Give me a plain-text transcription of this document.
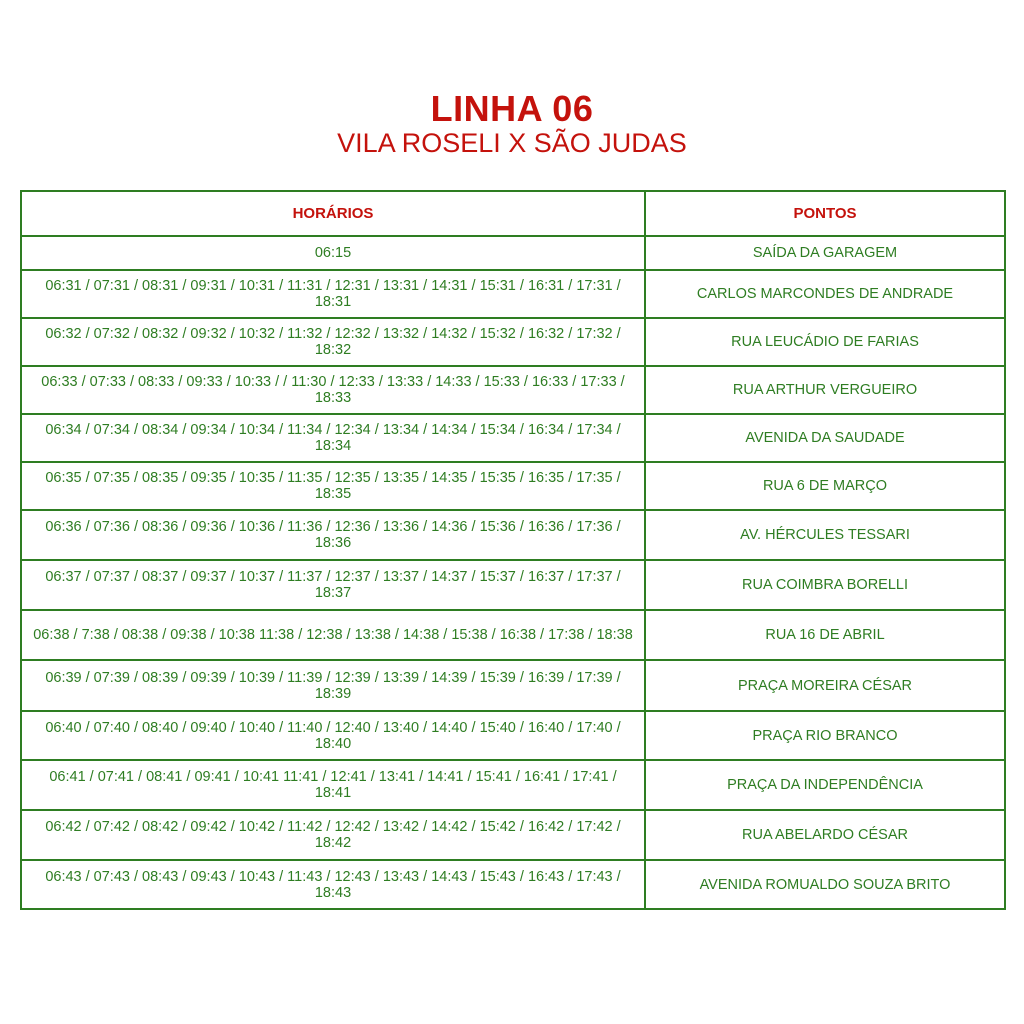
LINHA 06
VILA ROSELI X SÃO JUDAS
HORÁRIOS	PONTOS
06:15	SAÍDA DA GARAGEM
06:31 / 07:31 / 08:31 / 09:31 / 10:31 / 11:31 / 12:31 / 13:31 / 14:31 / 15:31 / 16:31 / 17:31 / 18:31	CARLOS MARCONDES DE ANDRADE
06:32 / 07:32 / 08:32 / 09:32 / 10:32 / 11:32 / 12:32 / 13:32 / 14:32 / 15:32 / 16:32 / 17:32 / 18:32	RUA LEUCÁDIO DE FARIAS
06:33 / 07:33 / 08:33 / 09:33 / 10:33 / / 11:30 / 12:33 / 13:33 / 14:33 / 15:33 / 16:33 / 17:33 / 18:33	RUA ARTHUR VERGUEIRO
06:34 / 07:34 / 08:34 / 09:34 / 10:34 / 11:34 / 12:34 / 13:34 / 14:34 / 15:34 / 16:34 / 17:34 / 18:34	AVENIDA DA SAUDADE
06:35 / 07:35 / 08:35 / 09:35 / 10:35 / 11:35 / 12:35 / 13:35 / 14:35 / 15:35 / 16:35 / 17:35 / 18:35	RUA 6 DE MARÇO
06:36 / 07:36 / 08:36 / 09:36 / 10:36 / 11:36 / 12:36 / 13:36 / 14:36 / 15:36 / 16:36 / 17:36 / 18:36	AV. HÉRCULES TESSARI
06:37 / 07:37 / 08:37 / 09:37 / 10:37 / 11:37 / 12:37 / 13:37 / 14:37 / 15:37 / 16:37 / 17:37 / 18:37	RUA COIMBRA BORELLI
06:38 / 7:38 / 08:38 / 09:38 / 10:38 11:38 / 12:38 / 13:38 / 14:38 / 15:38 / 16:38 / 17:38 / 18:38	RUA 16 DE ABRIL
06:39 / 07:39 / 08:39 / 09:39 / 10:39 / 11:39 / 12:39 / 13:39 / 14:39 / 15:39 / 16:39 / 17:39 / 18:39	PRAÇA MOREIRA CÉSAR
06:40 / 07:40 / 08:40 / 09:40 / 10:40 / 11:40 / 12:40 / 13:40 / 14:40 / 15:40 / 16:40 / 17:40 / 18:40	PRAÇA RIO BRANCO
06:41 / 07:41 / 08:41 / 09:41 / 10:41 11:41 / 12:41 / 13:41 / 14:41 / 15:41 / 16:41 / 17:41 / 18:41	PRAÇA DA INDEPENDÊNCIA
06:42 / 07:42 / 08:42 / 09:42 / 10:42 / 11:42 / 12:42 / 13:42 / 14:42 / 15:42 / 16:42 / 17:42 / 18:42	RUA ABELARDO CÉSAR
06:43 / 07:43 / 08:43 / 09:43 / 10:43 / 11:43 / 12:43 / 13:43 / 14:43 / 15:43 / 16:43 / 17:43 / 18:43	AVENIDA ROMUALDO SOUZA BRITO
